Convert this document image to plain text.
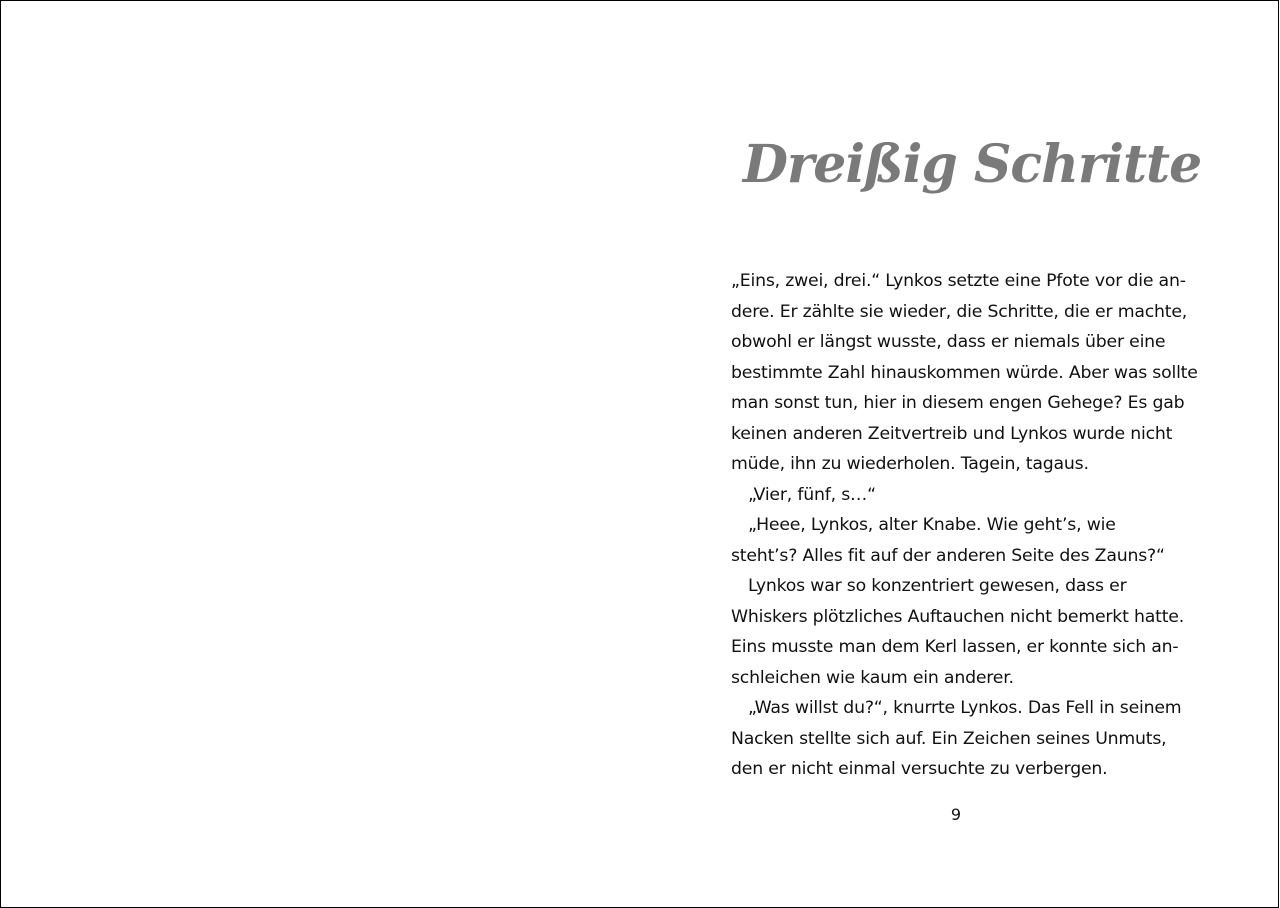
Dreißig Schritte
„Eins, zwei, drei.“ Lynkos setzte eine Pfote vor die an-
dere. Er zählte sie wieder, die Schritte, die er machte,
obwohl er längst wusste, dass er niemals über eine
bestimmte Zahl hinauskommen würde. Aber was sollte
man sonst tun, hier in diesem engen Gehege? Es gab
keinen anderen Zeitvertreib und Lynkos wurde nicht
müde, ihn zu wiederholen. Tagein, tagaus.
„Vier, fünf, s…“
„Heee, Lynkos, alter Knabe. Wie geht’s, wie
steht’s? Alles fit auf der anderen Seite des Zauns?“
Lynkos war so konzentriert gewesen, dass er
Whiskers plötzliches Auftauchen nicht bemerkt hatte.
Eins musste man dem Kerl lassen, er konnte sich an-
schleichen wie kaum ein anderer.
„Was willst du?“, knurrte Lynkos. Das Fell in seinem
Nacken stellte sich auf. Ein Zeichen seines Unmuts,
den er nicht einmal versuchte zu verbergen.
9
